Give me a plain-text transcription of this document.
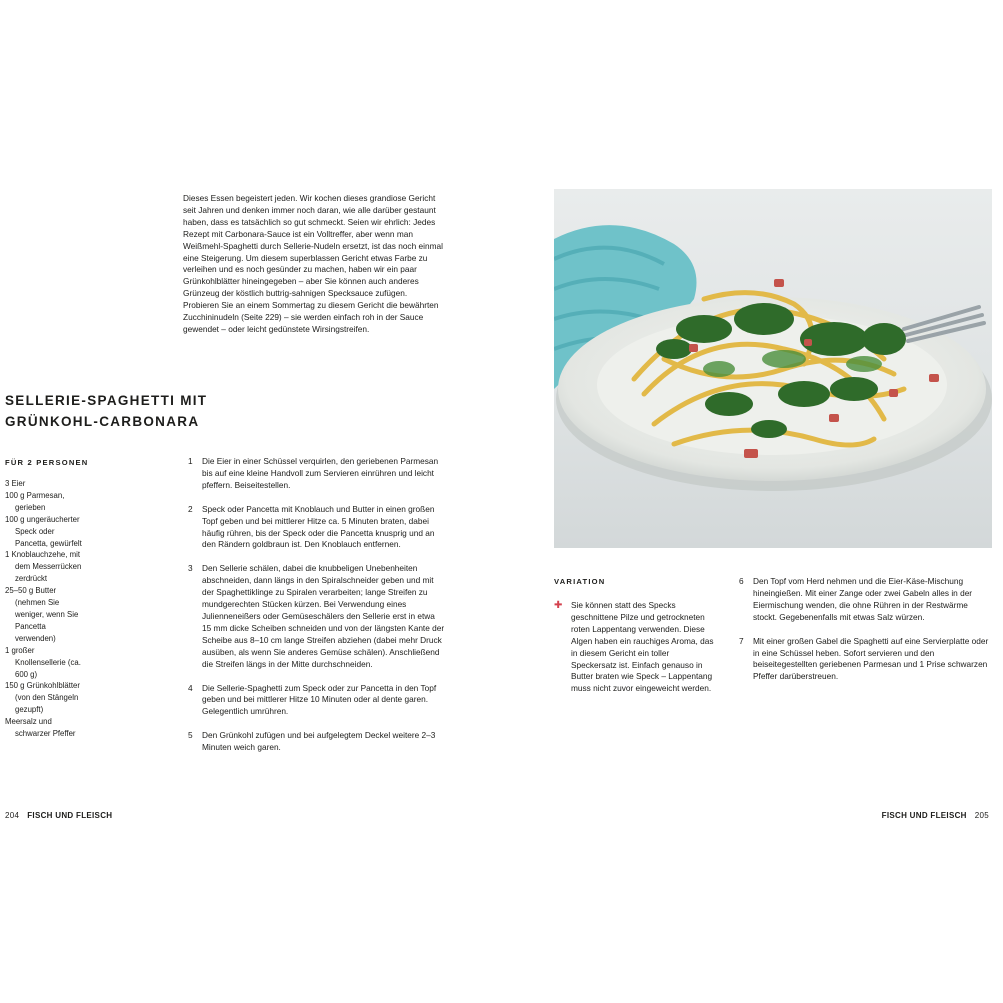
Dieses Essen begeistert jeden. Wir kochen dieses grandiose Gericht seit Jahren und denken immer noch daran, wie alle darüber gestaunt haben, dass es tatsächlich so gut schmeckt. Seien wir ehrlich: Jedes Rezept mit Carbonara-Sauce ist ein Volltreffer, aber wenn man Weißmehl-Spaghetti durch Sellerie-Nudeln ersetzt, ist das noch einmal eine Steigerung. Um diesem superblassen Gericht etwas Farbe zu verleihen und es noch gesünder zu machen, haben wir ein paar Grünkohlblätter hineingegeben – aber Sie können auch anderes Grünzeug der köstlich buttrig-sahnigen Specksauce zufügen. Probieren Sie an einem Sommertag zu diesem Gericht die bewährten Zucchininudeln (Seite 229) – sie werden einfach roh in der Sauce gewendet – oder leicht gedünstete Wirsingstreifen.

SELLERIE-SPAGHETTI MIT
GRÜNKOHL-CARBONARA

FÜR 2 PERSONEN

3 Eier
100 g Parmesan, gerieben
100 g ungeräucherter Speck oder Pancetta, gewürfelt
1 Knoblauchzehe, mit dem Messerrücken zerdrückt
25–50 g Butter (nehmen Sie weniger, wenn Sie Pancetta verwenden)
1 großer Knollensellerie (ca. 600 g)
150 g Grünkohlblätter (von den Stängeln gezupft)
Meersalz und schwarzer Pfeffer
1	Die Eier in einer Schüssel verquirlen, den geriebenen Parmesan bis auf eine kleine Handvoll zum Servieren einrühren und leicht pfeffern. Beiseitestellen.
2	Speck oder Pancetta mit Knoblauch und Butter in einen großen Topf geben und bei mittlerer Hitze ca. 5 Minuten braten, dabei häufig rühren, bis der Speck oder die Pancetta knusprig und an den Rändern goldbraun ist. Den Knoblauch entfernen.
3	Den Sellerie schälen, dabei die knubbeligen Unebenheiten abschneiden, dann längs in den Spiralschneider geben und mit der Spaghettiklinge zu Spiralen verarbeiten; lange Streifen zu mundgerechten Stücken kürzen. Bei Verwendung eines Julienneneißers oder Gemüseschälers den Sellerie erst in etwa 15 mm dicke Scheiben schneiden und von der längsten Kante der Scheibe aus 8–10 cm lange Streifen abziehen (dabei mehr Druck ausüben, als wenn Sie anderes Gemüse schälen). Anschließend die Streifen längs in der Mitte durchschneiden.
4	Die Sellerie-Spaghetti zum Speck oder zur Pancetta in den Topf geben und bei mittlerer Hitze 10 Minuten oder al dente garen. Gelegentlich umrühren.
5	Den Grünkohl zufügen und bei aufgelegtem Deckel weitere 2–3 Minuten weich garen.

VARIATION

✚	Sie können statt des Specks geschnittene Pilze und getrockneten roten Lappentang verwenden. Diese Algen haben ein rauchiges Aroma, das in diesem Gericht ein toller Speckersatz ist. Einfach genauso in Butter braten wie Speck – Lappentang muss nicht zuvor eingeweicht werden.
6	Den Topf vom Herd nehmen und die Eier-Käse-Mischung hineingießen. Mit einer Zange oder zwei Gabeln alles in der Eiermischung wenden, die ohne Rühren in der Restwärme stockt. Gegebenenfalls mit etwas Salz würzen.
7	Mit einer großen Gabel die Spaghetti auf eine Servierplatte oder in eine Schüssel heben. Sofort servieren und den beiseitegestellten geriebenen Parmesan und 1 Prise schwarzen Pfeffer darüberstreuen.
204 FISCH UND FLEISCH	FISCH UND FLEISCH 205
